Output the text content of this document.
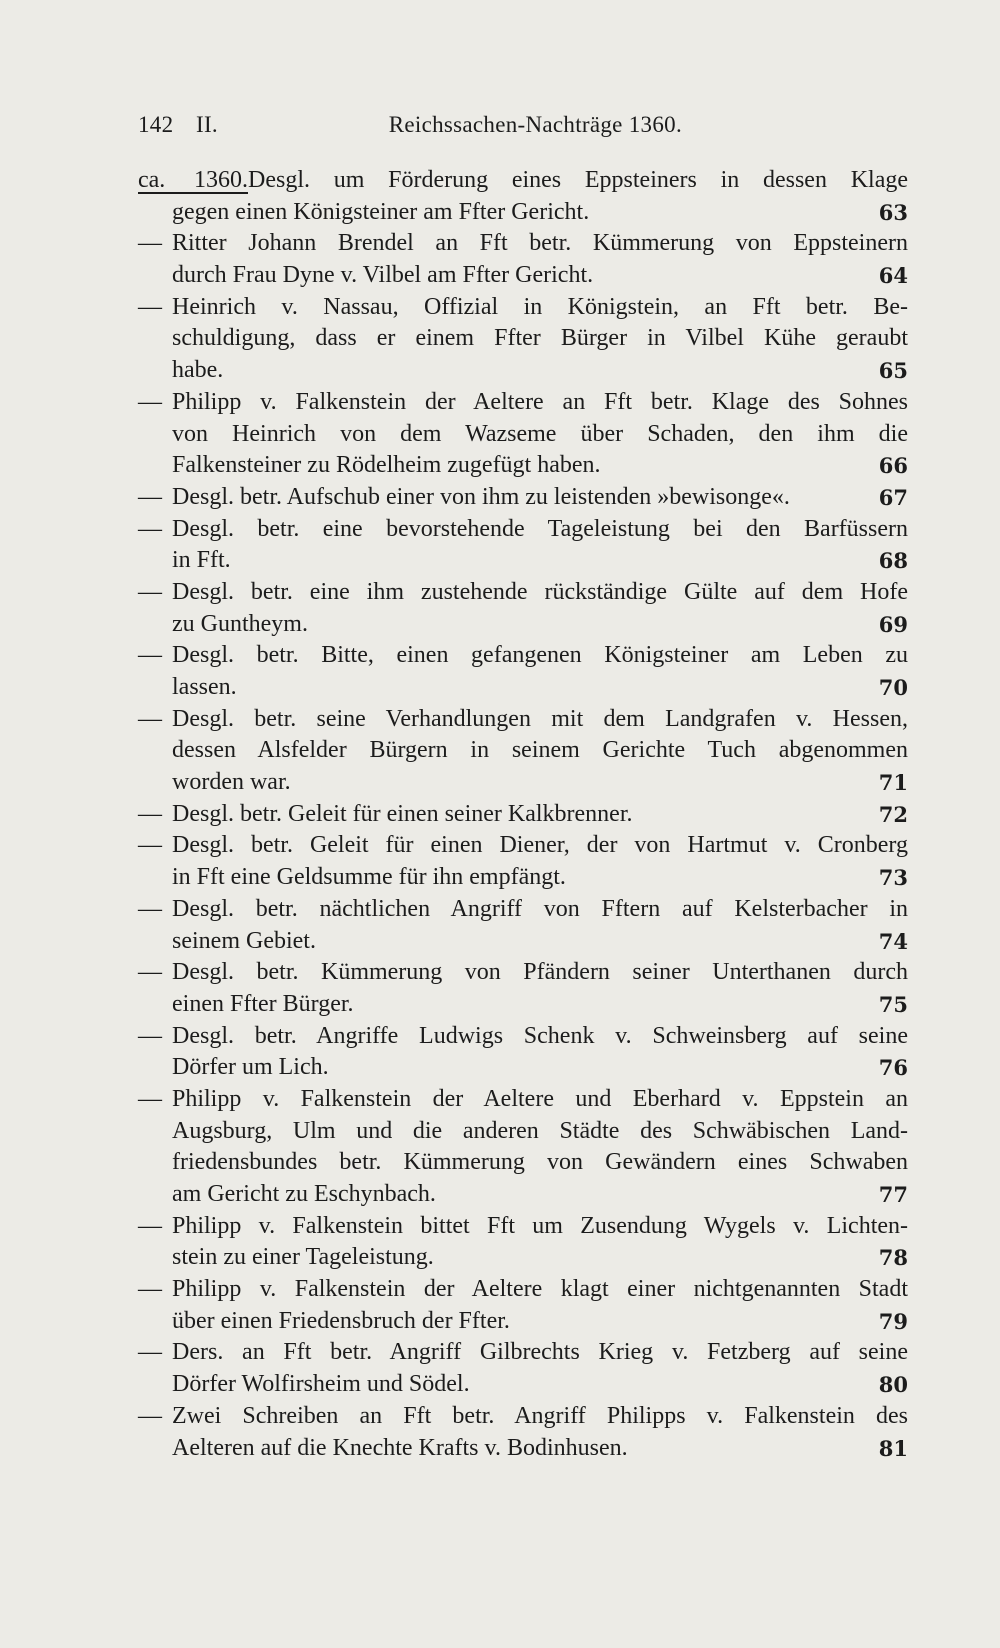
142 II.	Reichssachen-Nachträge 1360.
ca. 1360.Desgl. um Förderung eines Eppsteiners in dessen Klage
gegen einen Königsteiner am Ffter Gericht.	63
— Ritter Johann Brendel an Fft betr. Kümmerung von Eppsteinern
durch Frau Dyne v. Vilbel am Ffter Gericht.	64
— Heinrich v. Nassau, Offizial in Königstein, an Fft betr. Be-
schuldigung, dass er einem Ffter Bürger in Vilbel Kühe geraubt
habe.	65
— Philipp v. Falkenstein der Aeltere an Fft betr. Klage des Sohnes
von Heinrich von dem Wazseme über Schaden, den ihm die
Falkensteiner zu Rödelheim zugefügt haben.	66
— Desgl. betr. Aufschub einer von ihm zu leistenden »bewisonge«.	67
— Desgl. betr. eine bevorstehende Tageleistung bei den Barfüssern
in Fft.	68
— Desgl. betr. eine ihm zustehende rückständige Gülte auf dem Hofe
zu Guntheym.	69
— Desgl. betr. Bitte, einen gefangenen Königsteiner am Leben zu
lassen.	70
— Desgl. betr. seine Verhandlungen mit dem Landgrafen v. Hessen,
dessen Alsfelder Bürgern in seinem Gerichte Tuch abgenommen
worden war.	71
— Desgl. betr. Geleit für einen seiner Kalkbrenner.	72
— Desgl. betr. Geleit für einen Diener, der von Hartmut v. Cronberg
in Fft eine Geldsumme für ihn empfängt.	73
— Desgl. betr. nächtlichen Angriff von Fftern auf Kelsterbacher in
seinem Gebiet.	74
— Desgl. betr. Kümmerung von Pfändern seiner Unterthanen durch
einen Ffter Bürger.	75
— Desgl. betr. Angriffe Ludwigs Schenk v. Schweinsberg auf seine
Dörfer um Lich.	76
— Philipp v. Falkenstein der Aeltere und Eberhard v. Eppstein an
Augsburg, Ulm und die anderen Städte des Schwäbischen Land-
friedensbundes betr. Kümmerung von Gewändern eines Schwaben
am Gericht zu Eschynbach.	77
— Philipp v. Falkenstein bittet Fft um Zusendung Wygels v. Lichten-
stein zu einer Tageleistung.	78
— Philipp v. Falkenstein der Aeltere klagt einer nichtgenannten Stadt
über einen Friedensbruch der Ffter.	79
— Ders. an Fft betr. Angriff Gilbrechts Krieg v. Fetzberg auf seine
Dörfer Wolfirsheim und Södel.	80
— Zwei Schreiben an Fft betr. Angriff Philipps v. Falkenstein des
Aelteren auf die Knechte Krafts v. Bodinhusen.	81
